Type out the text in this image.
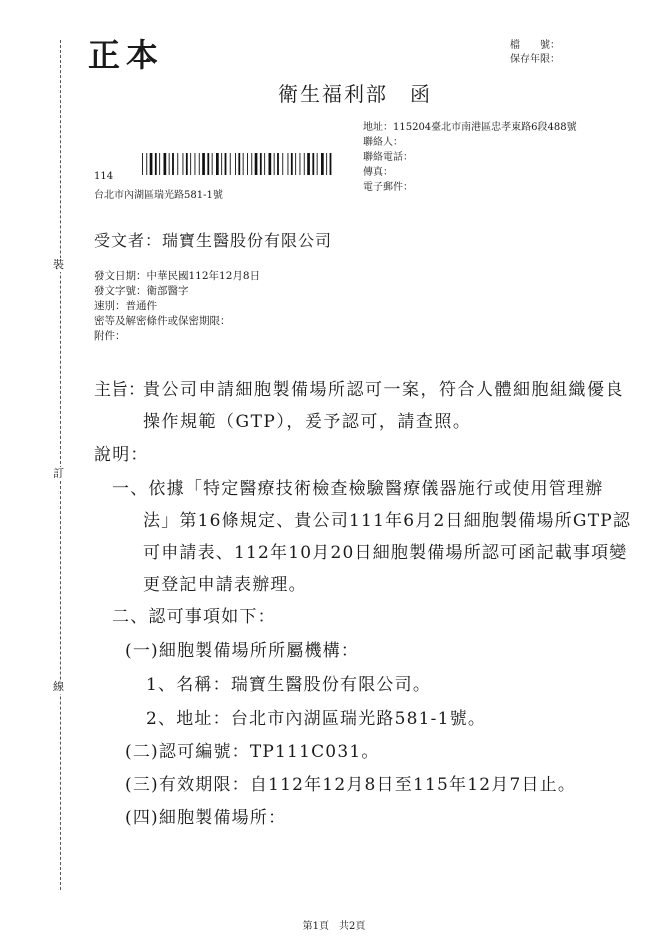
裝
訂
線
正本	檔　　號：
保存年限：
衛生福利部　函
地址：115204臺北市南港區忠孝東路6段488號
聯絡人：
聯絡電話：
傳真：
電子郵件：
114
台北市內湖區瑞光路581-1號
受文者：瑞寶生醫股份有限公司
發文日期：中華民國112年12月8日
發文字號：衛部醫字
速別：普通件
密等及解密條件或保密期限：
附件：
主旨：
貴公司申請細胞製備場所認可一案，符合人體細胞組織優良
操作規範（GTP），爰予認可，請查照。
說明：
一、依據「特定醫療技術檢查檢驗醫療儀器施行或使用管理辦
法」第16條規定、貴公司111年6月2日細胞製備場所GTP認
可申請表、112年10月20日細胞製備場所認可函記載事項變
更登記申請表辦理。
二、認可事項如下：
(一)細胞製備場所所屬機構：
1、名稱：瑞寶生醫股份有限公司。
2、地址：台北市內湖區瑞光路581-1號。
(二)認可編號：TP111C031。
(三)有效期限：自112年12月8日至115年12月7日止。
(四)細胞製備場所：
第1頁　共2頁
